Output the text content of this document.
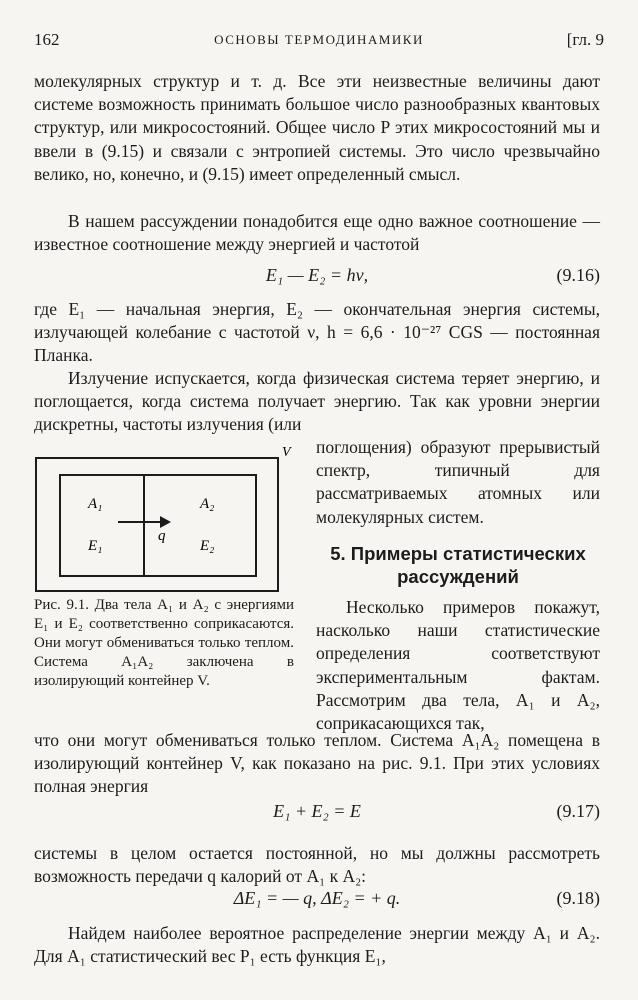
162	ОСНОВЫ ТЕРМОДИНАМИКИ	[гл. 9

молекулярных структур и т. д. Все эти неизвестные величины дают системе возможность принимать большое число разнообразных квантовых структур, или микросостояний. Общее число P этих микросостояний мы и ввели в (9.15) и связали с энтропией системы. Это число чрезвычайно велико, но, конечно, и (9.15) имеет определенный смысл.

В нашем рассуждении понадобится еще одно важное соотношение — известное соотношение между энергией и частотой

E₁ — E₂ = hν,	(9.16)

где E₁ — начальная энергия, E₂ — окончательная энергия системы, излучающей колебание с частотой ν, h = 6,6 · 10⁻²⁷ CGS — постоянная Планка.

Излучение испускается, когда физическая система теряет энергию, и поглощается, когда система получает энергию. Так как уровни энергии дискретны, частоты излучения (или

поглощения) образуют прерывистый спектр, типичный для рассматриваемых атомных или молекулярных систем.

V
A₁
E₁
A₂
E₂
q

Рис. 9.1. Два тела A₁ и A₂ с энергиями E₁ и E₂ соответственно соприкасаются. Они могут обмениваться только теплом. Система A₁A₂ заключена в изолирующий контейнер V.

5. Примеры статистических рассуждений

Несколько примеров покажут, насколько наши статистические определения соответствуют экспериментальным фактам. Рассмотрим два тела, A₁ и A₂, соприкасающихся так,

что они могут обмениваться только теплом. Система A₁A₂ помещена в изолирующий контейнер V, как показано на рис. 9.1. При этих условиях полная энергия

E₁ + E₂ = E	(9.17)

системы в целом остается постоянной, но мы должны рассмотреть возможность передачи q калорий от A₁ к A₂:

ΔE₁ = — q, ΔE₂ = + q.	(9.18)

Найдем наиболее вероятное распределение энергии между A₁ и A₂. Для A₁ статистический вес P₁ есть функция E₁,
